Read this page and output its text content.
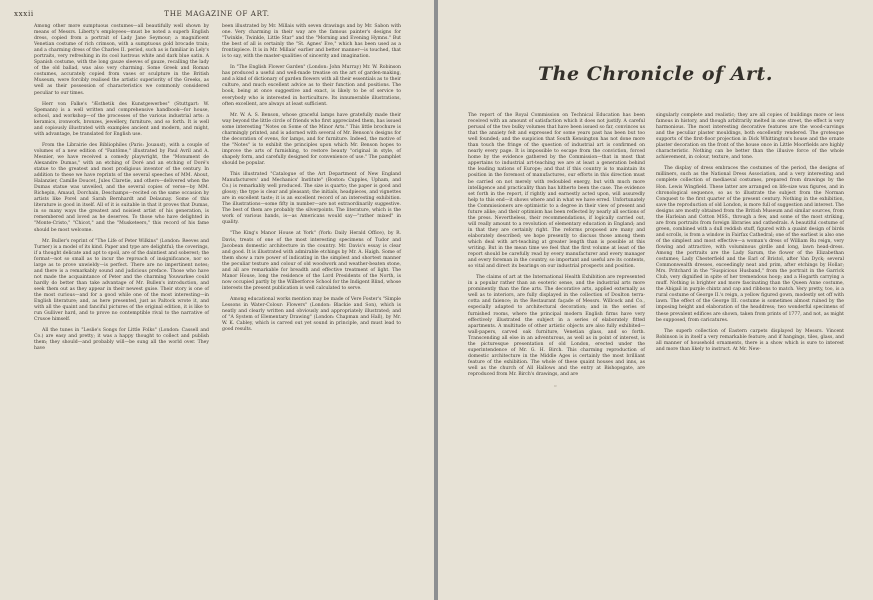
xxxii	THE MAGAZINE OF ART.

Among other more sumptuous costumes—all beautifully well shown by means of Messrs. Liberty's employees—must be noted a superb English dress, copied from a portrait of Lady Jane Seymour; a magnificent Venetian costume of rich crimson, with a sumptuous gold brocade train; and a charming dress of the Charles II. period, such as is familiar in Lely's portraits, very refreshing in its cool lustrous white and dark blue satin. A Spanish costume, with the long gauze sleeves of gauze, recalling the lady of the old ballad, was also very charming. Some Greek and Roman costumes, accurately copied from vases or sculpture in the British Museum, were forcibly realised the artistic superiority of the Greeks, as well as their possession of characteristics we commonly considered peculiar to our times.

Herr von Falke's "Æsthetik des Kunstgewerbes" (Stuttgart: W. Spemann) is a well written and comprehensive handbook—for house, school, and workshop—of the processes of the various industrial arts: a keramics, ironwork, bronzes, jewellery, furniture, and so forth. It is well and copiously illustrated with examples ancient and modern, and might, with advantage, be translated for English use.

From the Librairie des Bibliophiles (Paris: Jouaust), with a couple of volumes of a new edition of "Fantôme," illustrated by Paul Avril and A. Mesnier, we have received a comedy playwright, the "Monument de Alexandre Dumas," with an etching of Doré and an etching of Doré's statue to the greatest and most prodigious inventor of the century. In addition to these we have reprints of the several speeches of MM. About, Halanzier, Camille Doucet, Jules Claretie, and others—delivered when the Dumas statue was unveiled, and the several copies of verse—by MM. Richepin, Amaud, Dorchain, Deschamps—recited on the same occasion by artists like Porel and Sarah Bernhardt and Delaunay. Some of this literature is good in itself. All of it is suitable in that it proves that Dumas, in so many ways the greatest and noisiest artist of his generation, is remembered and loved as he deserves. To those who have delighted in "Monte-Cristo," "Chicot," and the "Musketeers," this record of his fame should be most welcome.

Mr. Buller's reprint of "The Life of Peter Wilkins" (London: Reeves and Turner) is a model of its kind. Paper and type are delightful; the coverings, if a thought delicate and apt to spoil, are of the daintiest and soberest; the format—not so small as to incur the reproach of insignificance, nor so large as to prove unwieldy—is perfect. There are no impertinent notes; and there is a remarkably sound and judicious preface. Those who have not made the acquaintance of Peter and the charming Youwarkee could hardly do better than take advantage of Mr. Bullen's introduction, and seek them out as they appear in their newest guise. Their story is one of the most curious—and for a good while one of the most interesting—in English literature; and, as here presented, just as Paltock wrote it, and with all the quaint and fanciful pictures of the original edition, it is like to run Gulliver hard, and to prove no contemptible rival to the narrative of Crusoe himself.

All the tunes in "Leslie's Songs for Little Folks" (London: Cassell and Co.) are easy and pretty; it was a happy thought to collect and publish them; they should—and probably will—be sung all the world over. They have

been illustrated by Mr. Millais with seven drawings and by Mr. Sabon with one. Very charming in their way are the famous painter's designs for "Twinkle, Twinkle, Little Star" and the "Morning and Evening Hymns." But the best of all is certainly the "St. Agnes' Eve," which has been used as a frontispiece. It is in Mr. Millais' earlier and better manner—is touched, that is to say, with the master-qualities of sincerity and imagination.

In "The English Flower Garden" (London: John Murray) Mr. W. Robinson has produced a useful and well-made treatise on the art of garden-making, and a kind of dictionary of garden flowers with all their essentials as to their culture, and much excellent advice as to their function and positions. The book, being at once suggestive and exact, is likely to be of service to everybody who is interested in horticulture. Its innumerable illustrations, often excellent, are always at least sufficient.

Mr. W. A. S. Benson, whose graceful lamps have gratefully made their way beyond the little circle of friends who first appreciated them, has issued some interesting "Notes on Some of the Minor Arts." This little brochure is charmingly printed, and is adorned with several of Mr. Benson's designs for the decoration of ovens, for lamps, and for furniture. Indeed, the motive of the "Notes" is to exhibit the principles upon which Mr. Benson hopes to improve the arts of furnishing, to restore beauty "original in style, of shapely form, and carefully designed for convenience of use." The pamphlet should be popular.

This illustrated "Catalogue of the Art Department of New England Manufacturers' and Mechanics' Institute" (Boston: Cupples, Upham, and Co.) is remarkably well produced. The size is quarto; the paper is good and glossy; the type is clear and pleasant; the initials, headpieces, and vignettes are in excellent taste; it is an excellent record of an interesting exhibition. The illustrations—some fifty in number—are not extraordinarily suggestive. The best of them are probably the silverpoints. The literature, which is the work of various hands, is—as Americans would say—"rather mixed" in quality.

"The King's Manor House at York" (York: Daily Herald Office), by R. Davis, treats of one of the most interesting specimens of Tudor and Jacobean domestic architecture in the country. Mr. Davis's essay is clear and good. It is illustrated with admirable etchings by Mr. A. Haigh. Some of them show a rare power of indicating in the simplest and shortest manner the peculiar texture and colour of old woodwork and weather-beaten stone, and all are remarkable for breadth and effective treatment of light. The Manor House, long the residence of the Lord Presidents of the North, is now occupied partly by the Wilberforce School for the Indigent Blind, whose interests the present publication is well calculated to serve.

Among educational works mention may be made of Vere Foster's "Simple Lessons in Water-Colour: Flowers" (London: Blackie and Son), which is neatly and clearly written and obviously and appropriately illustrated; and of "A System of Elementary Drawing" (London: Chapman and Hall), by Mr. W. K. Cabley, which is carved out yet sound in principle, and must lead to good results.

The Chronicle of Art.

The report of the Royal Commission on Technical Education has been received with an amount of satisfaction which it does not justify. A careful perusal of the two bulky volumes that have been issued so far, convinces us that the anxiety felt and expressed for some years past has been but too well founded; and the suspicion that South Kensington has not done more than touch the fringe of the question of industrial art is confirmed on nearly every page. It is impossible to escape from the conviction, forced home by the evidence gathered by the Commission—that in most that appertains to industrial art-teaching we are at least a generation behind the leading nations of Europe; and that if this country is to maintain its position in the foremost of manufactures, our efforts in this direction must be carried on not merely with redoubled energy, but with much more intelligence and practicality than has hitherto been the case. The evidence set forth in the report, if rightly and earnestly acted upon, will assuredly help to this end—it shows where and in what we have erred. Unfortunately the Commissioners are optimistic to a degree in their view of present and future alike; and their optimism has been reflected by nearly all sections of the press. Nevertheless, their recommendations, if logically carried out, will really amount to a revolution of elementary education in England; and in that they are certainly right. The reforms proposed are many and elaborately described; we hope presently to discuss those among them which deal with art-teaching at greater length than is possible at this writing. But in the mean time we feel that the first volume at least of the report should be carefully read by every manufacturer and every manager and every foreman in the country, so important and useful are its contents, so vital and direct its bearings on our industrial prospects and position.

The claims of art at the International Health Exhibition are represented in a popular rather than an esoteric sense, and the industrial arts more prominently than the fine arts. The decorative arts, applied externally as well as to interiors, are fully displayed in the collection of Doulton terra-cotta and faience; in the Restaurant façade of Messrs. Willcock and Co., especially adapted to architectural decoration; and in the series of furnished rooms, where the principal modern English firms have very effectively illustrated the subject in a series of elaborately fitted apartments. A multitude of other artistic objects are also fully exhibited—wall-papers, carved oak furniture, Venetian glass, and so forth. Transcending all else in an adventurous, as well as in point of interest, is the picturesque presentation of old London, erected under the superintendence of Mr. G. H. Birch. This charming reproduction of domestic architecture in the Middle Ages is certainly the most brilliant feature of the exhibition. The whole of these quaint houses and inns, as well as the church of All Hallows and the entry at Bishopsgate, are reproduced from Mr. Birch's drawings, and are

c

singularly complete and realistic; they are all copies of buildings more or less famous in history, and though arbitrarily melted in one street, the effect is very harmonious. The most interesting decorative features are the wood-carvings and the peculiar plaster mouldings, both excellently rendered. The grotesque supports of the first-floor projection in Dick Whittington's house and the ornate plaster decoration on the front of the house once in Little Moorfields are highly characteristic. Nothing can be better than the illusive force of the whole achievement, in colour, texture, and tone.

The display of dress embraces the costumes of the period, the designs of milliners, such as the National Dress Association, and a very interesting and complete collection of mediaeval costumes, prepared from drawings by the Hon. Lewis Wingfield. These latter are arranged on life-size wax figures, and in chronological sequence, so as to illustrate the subject from the Norman Conquest to the first quarter of the present century. Nothing in the exhibition, save the reproduction of old London, is more full of suggestion and interest. The designs are mostly obtained from the British Museum and similar sources, from the Harleian and Cotton MSS., through a few, and some of the most striking, are from portraits from foreign libraries and cathedrals. A beautiful costume of green, combined with a dull reddish stuff, figured with a quaint design of birds and scrolls, is from a window in Fairfax Cathedral; one of the earliest is also one of the simplest and most effective—a woman's dress of William Ru reign, very flowing and attractive, with voluminous girdle and long, lawn head-dress. Among the portraits are the Lady Sarum, the flower of the Elizabethan costumes; Lady Chesterfield and the Earl of Bristol, after Van Dyck; several Commonwealth dresses, exceedingly neat and prim, after etchings by Hollar; Mrs. Pritchard in the "Suspicious Husband," from the portrait in the Garrick Club, very dignified in spite of her tremendous hoop; and a Hogarth carrying a muff. Nothing is brighter and more fascinating than the Queen Anne costume, the Abigail in purple chintz and cap and ribbons to match. Very pretty, too, is a rural costume of George II.'s reign, a yellow figured gown, modestly set off with lawn. The effect of the George III. costume is sometimes almost ruined by the imposing height and elaboration of the headdress; two wonderful specimens of these prevalent edifices are shown, taken from prints of 1777, and not, as might be supposed, from caricatures.

The superb collection of Eastern carpets displayed by Messrs. Vincent Robinson is in itself a very remarkable feature; and if hangings, tiles, glass, and all manner of household ornaments, there is a show which is sure to interest and more than likely to instruct. At Mr. New-
